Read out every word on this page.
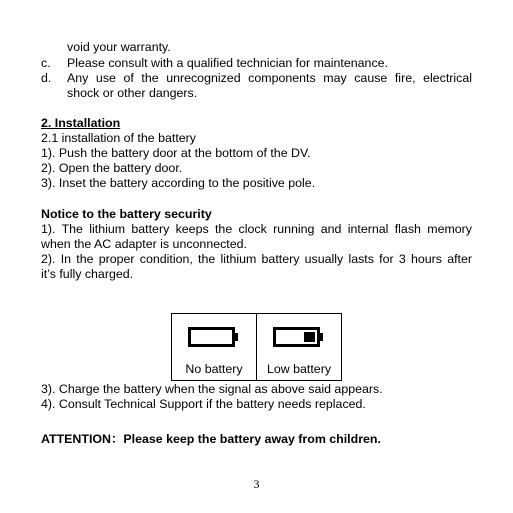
void your warranty.
c. Please consult with a qualified technician for maintenance.
d. Any use of the unrecognized components may cause fire, electrical
shock or other dangers.
2. Installation
2.1 installation of the battery
1). Push the battery door at the bottom of the DV.
2). Open the battery door.
3). Inset the battery according to the positive pole.
Notice to the battery security
1). The lithium battery keeps the clock running and internal flash memory
when the AC adapter is unconnected.
2). In the proper condition, the lithium battery usually lasts for 3 hours after
it’s fully charged.
No battery	Low battery
3). Charge the battery when the signal as above said appears.
4). Consult Technical Support if the battery needs replaced.
ATTENTION：Please keep the battery away from children.
3
